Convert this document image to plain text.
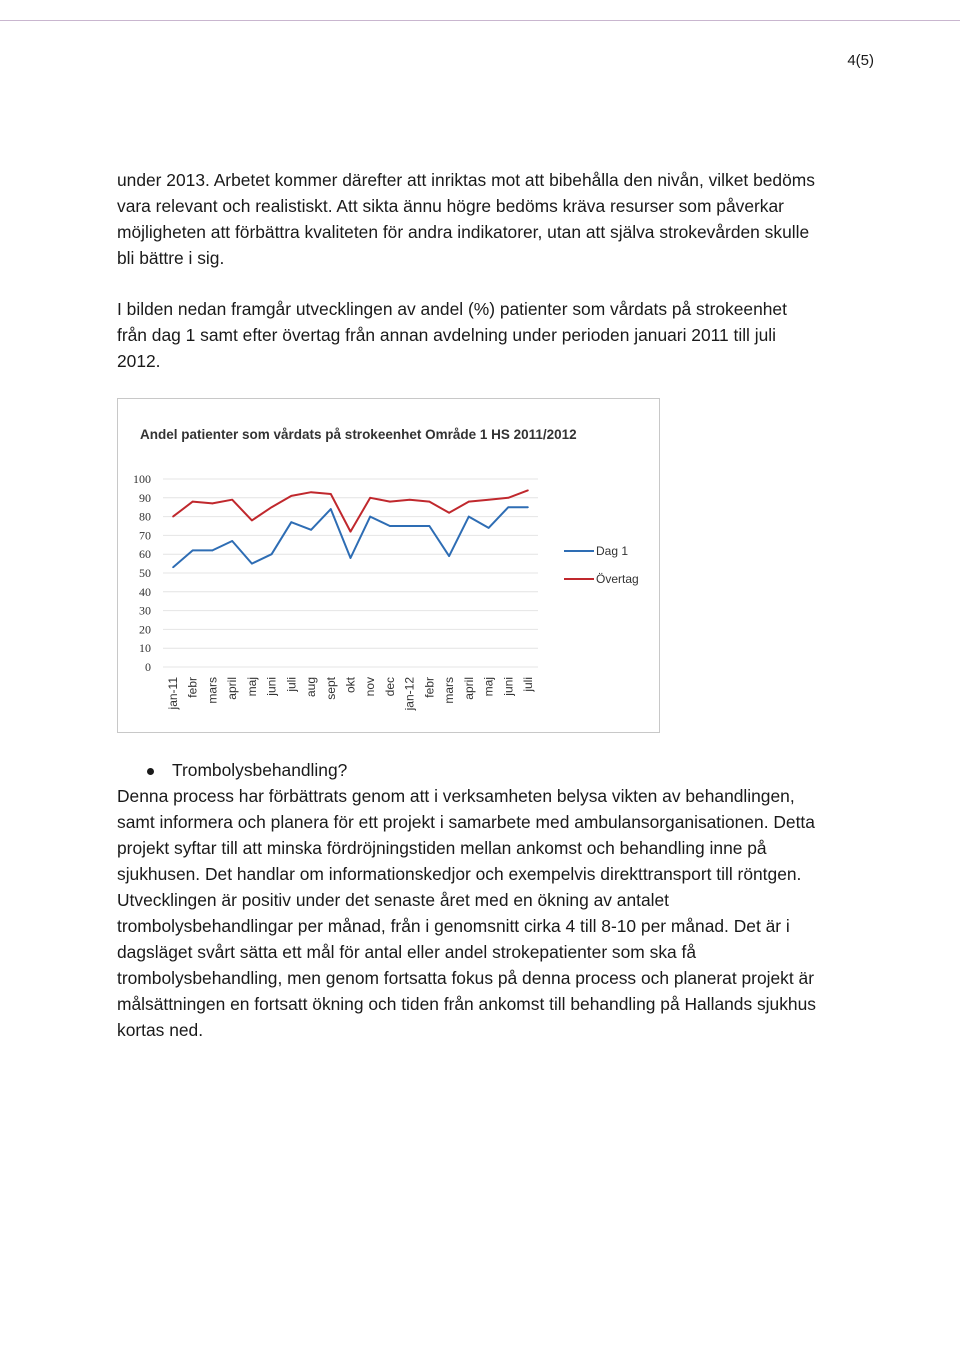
4(5)

under 2013. Arbetet kommer därefter att inriktas mot att bibehålla den nivån, vilket bedöms vara relevant och realistiskt. Att sikta ännu högre bedöms kräva resurser som påverkar möjligheten att förbättra kvaliteten för andra indikatorer, utan att själva strokevården skulle bli bättre i sig.

I bilden nedan framgår utvecklingen av andel (%) patienter som vårdats på strokeenhet från dag 1 samt efter övertag från annan avdelning under perioden januari 2011 till juli 2012.

Andel patienter som vårdats på strokeenhet Område 1 HS 2011/2012
0
10
20
30
40
50
60
70
80
90
100
jan-11 febr mars april maj juni juli aug sept okt nov dec jan-12 febr mars april maj juni juli
Dag 1
Övertag
Trombolysbehandling?

Denna process har förbättrats genom att i verksamheten belysa vikten av behandlingen, samt informera och planera för ett projekt i samarbete med ambulansorganisationen. Detta projekt syftar till att minska fördröjningstiden mellan ankomst och behandling inne på sjukhusen. Det handlar om informationskedjor och exempelvis direkttransport till röntgen. Utvecklingen är positiv under det senaste året med en ökning av antalet trombolysbehandlingar per månad, från i genomsnitt cirka 4 till 8-10 per månad. Det är i dagsläget svårt sätta ett mål för antal eller andel strokepatienter som ska få trombolysbehandling, men genom fortsatta fokus på denna process och planerat projekt är målsättningen en fortsatt ökning och tiden från ankomst till behandling på Hallands sjukhus kortas ned.
